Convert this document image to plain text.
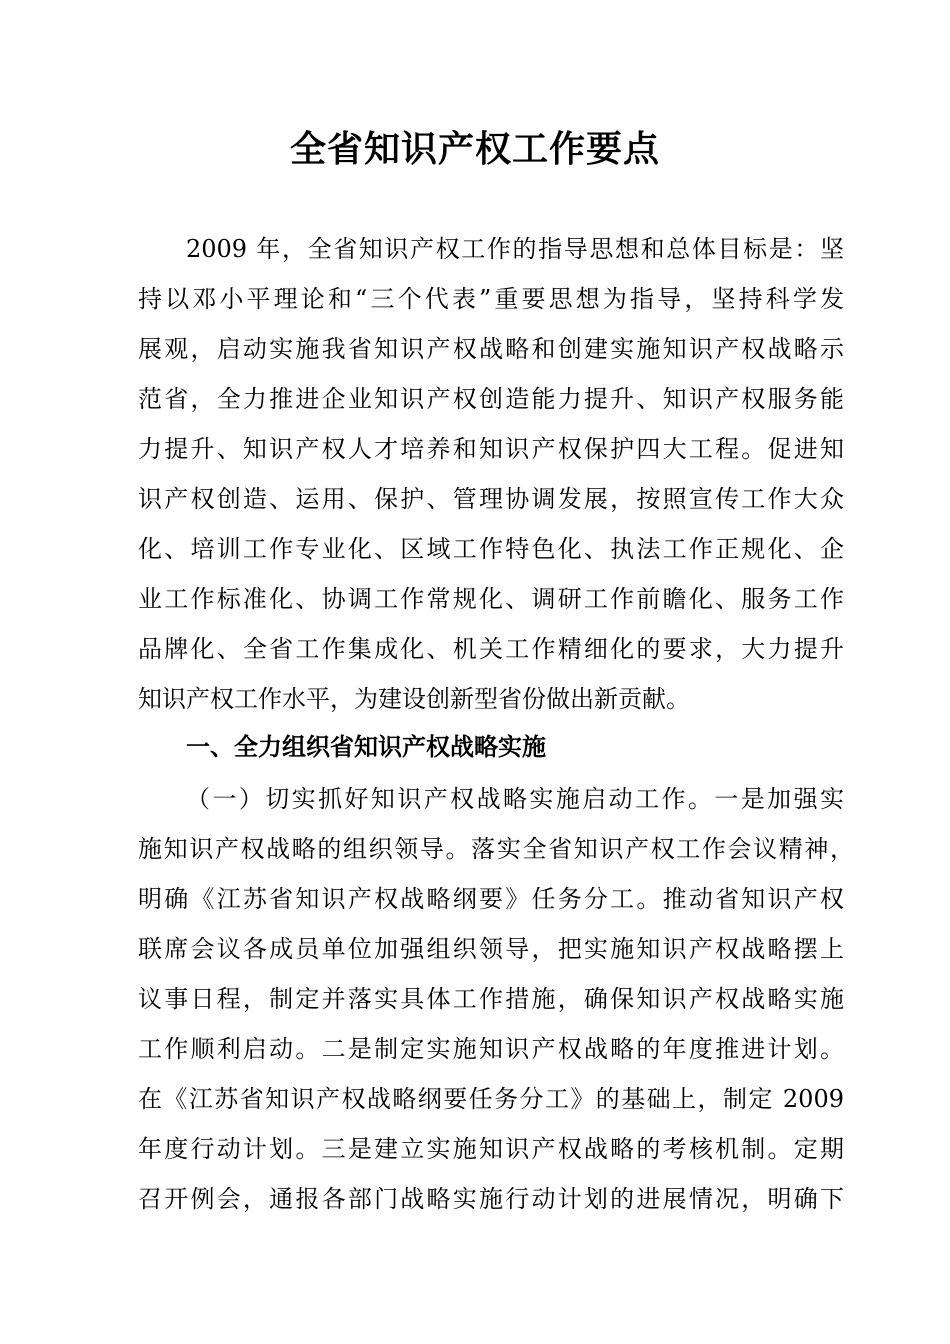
全省知识产权工作要点
2009 年，全省知识产权工作的指导思想和总体目标是：坚
持以邓小平理论和“三个代表”重要思想为指导，坚持科学发
展观，启动实施我省知识产权战略和创建实施知识产权战略示
范省，全力推进企业知识产权创造能力提升、知识产权服务能
力提升、知识产权人才培养和知识产权保护四大工程。促进知
识产权创造、运用、保护、管理协调发展，按照宣传工作大众
化、培训工作专业化、区域工作特色化、执法工作正规化、企
业工作标准化、协调工作常规化、调研工作前瞻化、服务工作
品牌化、全省工作集成化、机关工作精细化的要求，大力提升
知识产权工作水平，为建设创新型省份做出新贡献。
一、全力组织省知识产权战略实施
（一）切实抓好知识产权战略实施启动工作。一是加强实
施知识产权战略的组织领导。落实全省知识产权工作会议精神，
明确《江苏省知识产权战略纲要》任务分工。推动省知识产权
联席会议各成员单位加强组织领导，把实施知识产权战略摆上
议事日程，制定并落实具体工作措施，确保知识产权战略实施
工作顺利启动。二是制定实施知识产权战略的年度推进计划。
在《江苏省知识产权战略纲要任务分工》的基础上，制定 2009
年度行动计划。三是建立实施知识产权战略的考核机制。定期
召开例会，通报各部门战略实施行动计划的进展情况，明确下
